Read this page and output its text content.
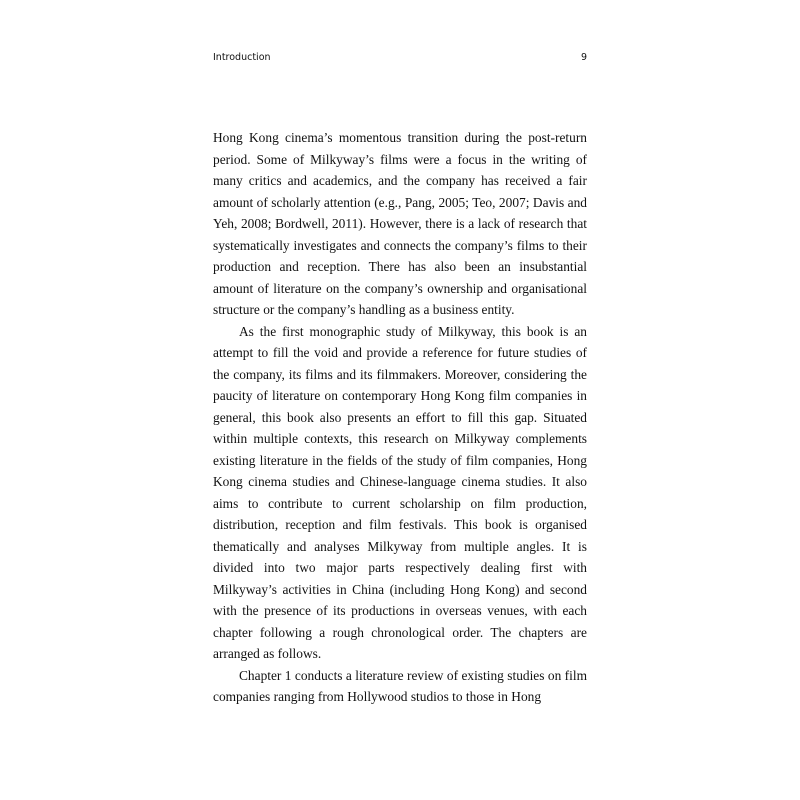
Introduction	9

Hong Kong cinema’s momentous transition during the post-return period. Some of Milkyway’s films were a focus in the writing of many critics and academics, and the company has received a fair amount of scholarly attention (e.g., Pang, 2005; Teo, 2007; Davis and Yeh, 2008; Bordwell, 2011). However, there is a lack of research that systematically investigates and connects the company’s films to their production and reception. There has also been an insubstantial amount of literature on the company’s ownership and organisational structure or the company’s handling as a business entity.

As the first monographic study of Milkyway, this book is an attempt to fill the void and provide a reference for future studies of the company, its films and its filmmakers. Moreover, considering the paucity of literature on contemporary Hong Kong film companies in general, this book also presents an effort to fill this gap. Situated within multiple contexts, this research on Milkyway complements existing literature in the fields of the study of film companies, Hong Kong cinema studies and Chinese-language cinema studies. It also aims to contribute to current scholarship on film production, distribution, reception and film festivals. This book is organised thematically and analyses Milkyway from multiple angles. It is divided into two major parts respectively dealing first with Milkyway’s activities in China (including Hong Kong) and second with the presence of its productions in overseas venues, with each chapter following a rough chronological order. The chapters are arranged as follows.

Chapter 1 conducts a literature review of existing studies on film companies ranging from Hollywood studios to those in Hong
